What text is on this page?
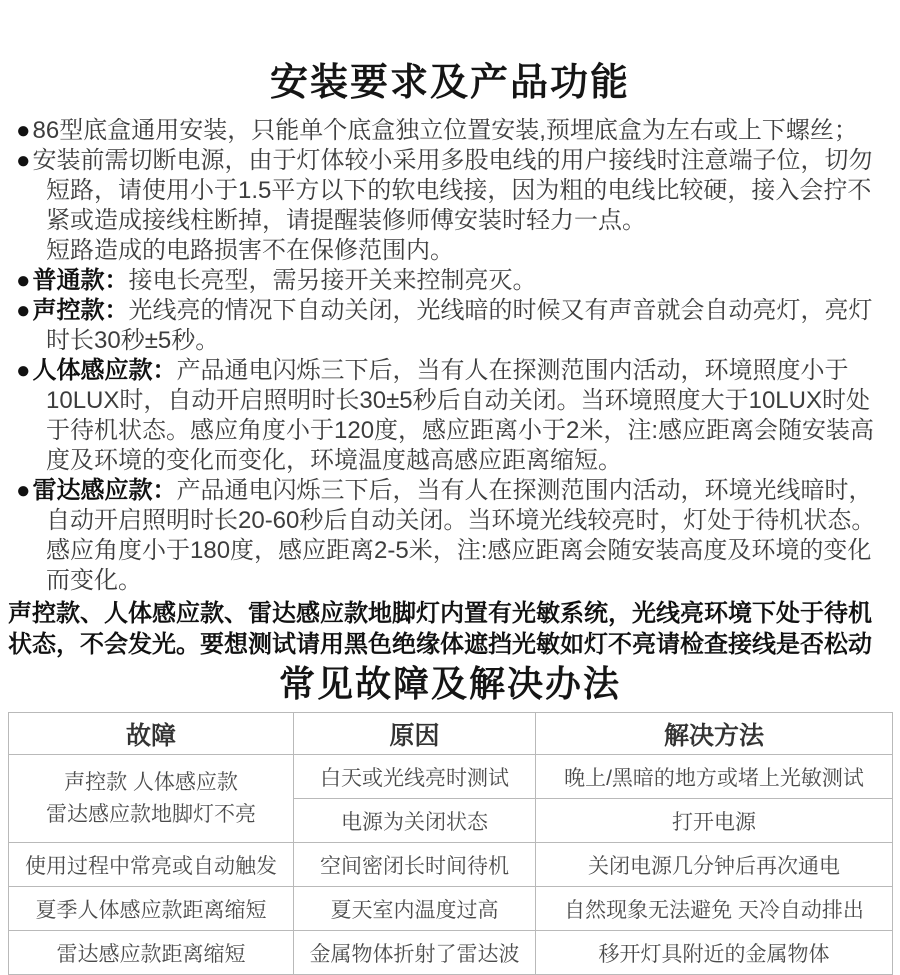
安装要求及产品功能

●86型底盒通用安装，只能单个底盒独立位置安装,预埋底盒为左右或上下螺丝；

●安装前需切断电源，由于灯体较小采用多股电线的用户接线时注意端子位，切勿短路，请使用小于1.5平方以下的软电线接，因为粗的电线比较硬，接入会拧不紧或造成接线柱断掉，请提醒装修师傅安装时轻力一点。
短路造成的电路损害不在保修范围内。

●普通款：接电长亮型，需另接开关来控制亮灭。

●声控款：光线亮的情况下自动关闭，光线暗的时候又有声音就会自动亮灯，亮灯时长30秒±5秒。

●人体感应款：产品通电闪烁三下后，当有人在探测范围内活动，环境照度小于10LUX时，自动开启照明时长30±5秒后自动关闭。当环境照度大于10LUX时处于待机状态。感应角度小于120度，感应距离小于2米，注:感应距离会随安装高度及环境的变化而变化，环境温度越高感应距离缩短。

●雷达感应款：产品通电闪烁三下后，当有人在探测范围内活动，环境光线暗时，自动开启照明时长20-60秒后自动关闭。当环境光线较亮时，灯处于待机状态。感应角度小于180度，感应距离2-5米，注:感应距离会随安装高度及环境的变化而变化。

声控款、人体感应款、雷达感应款地脚灯内置有光敏系统，光线亮环境下处于待机状态，不会发光。要想测试请用黑色绝缘体遮挡光敏如灯不亮请检查接线是否松动

常见故障及解决办法
故障	原因	解决方法

声控款 人体感应款
雷达感应款地脚灯不亮	白天或光线亮时测试	晚上/黑暗的地方或堵上光敏测试
	电源为关闭状态	打开电源
使用过程中常亮或自动触发	空间密闭长时间待机	关闭电源几分钟后再次通电
夏季人体感应款距离缩短	夏天室内温度过高	自然现象无法避免 天冷自动排出
雷达感应款距离缩短	金属物体折射了雷达波	移开灯具附近的金属物体
